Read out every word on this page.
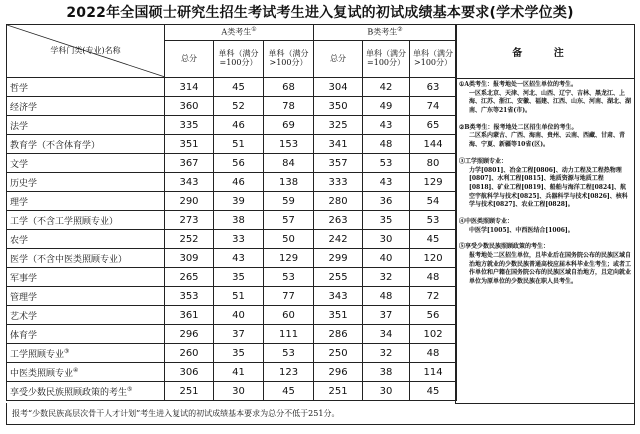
2022年全国硕士研究生招生考试考生进入复试的初试成绩基本要求(学术学位类)
学科门类(专业)名称	A类考生①			B类考生②
	总分	单科（满分=100分）	单科（满分>100分）	总分	单科（满分=100分）	单科（满分>100分）
哲学	314	45	68	304	42	63
经济学	360	52	78	350	49	74
法学	335	46	69	325	43	65
教育学（不含体育学）	351	51	153	341	48	144
文学	367	56	84	357	53	80
历史学	343	46	138	333	43	129
理学	290	39	59	280	36	54
工学（不含工学照顾专业）	273	38	57	263	35	53
农学	252	33	50	242	30	45
医学（不含中医类照顾专业）	309	43	129	299	40	120
军事学	265	35	53	255	32	48
管理学	353	51	77	343	48	72
艺术学	361	40	60	351	37	56
体育学	296	37	111	286	34	102
工学照顾专业③	260	35	53	250	32	48
中医类照顾专业④	306	41	123	296	38	114
享受少数民族照顾政策的考生⑤	251	30	45	251	30	45
备 注

①A类考生：报考地处一区招生单位的考生。

一区系北京、天津、河北、山西、辽宁、吉林、黑龙江、上海、江苏、浙江、安徽、福建、江西、山东、河南、湖北、湖南、广东等21省(市)。

②B类考生：报考地处二区招生单位的考生。

二区系内蒙古、广西、海南、贵州、云南、西藏、甘肃、青海、宁夏、新疆等10省(区)。

③工学照顾专业：

力学[0801]、冶金工程[0806]、动力工程及工程热物理[0807]、水利工程[0815]、地质资源与地质工程[0818]、矿业工程[0819]、船舶与海洋工程[0824]、航空宇航科学与技术[0825]、兵器科学与技术[0826]、核科学与技术[0827]、农业工程[0828]。

④中医类照顾专业：

中医学[1005]、中西医结合[1006]。

⑤享受少数民族照顾政策的考生：

报考地处二区招生单位，且毕业后在国务院公布的民族区域自治地方就业的少数民族普通高校应届本科毕业生考生；或者工作单位和户籍在国务院公布的民族区域自治地方，且定向就业单位为原单位的少数民族在职人员考生。

报考“少数民族高层次骨干人才计划”考生进入复试的初试成绩基本要求为总分不低于251分。
